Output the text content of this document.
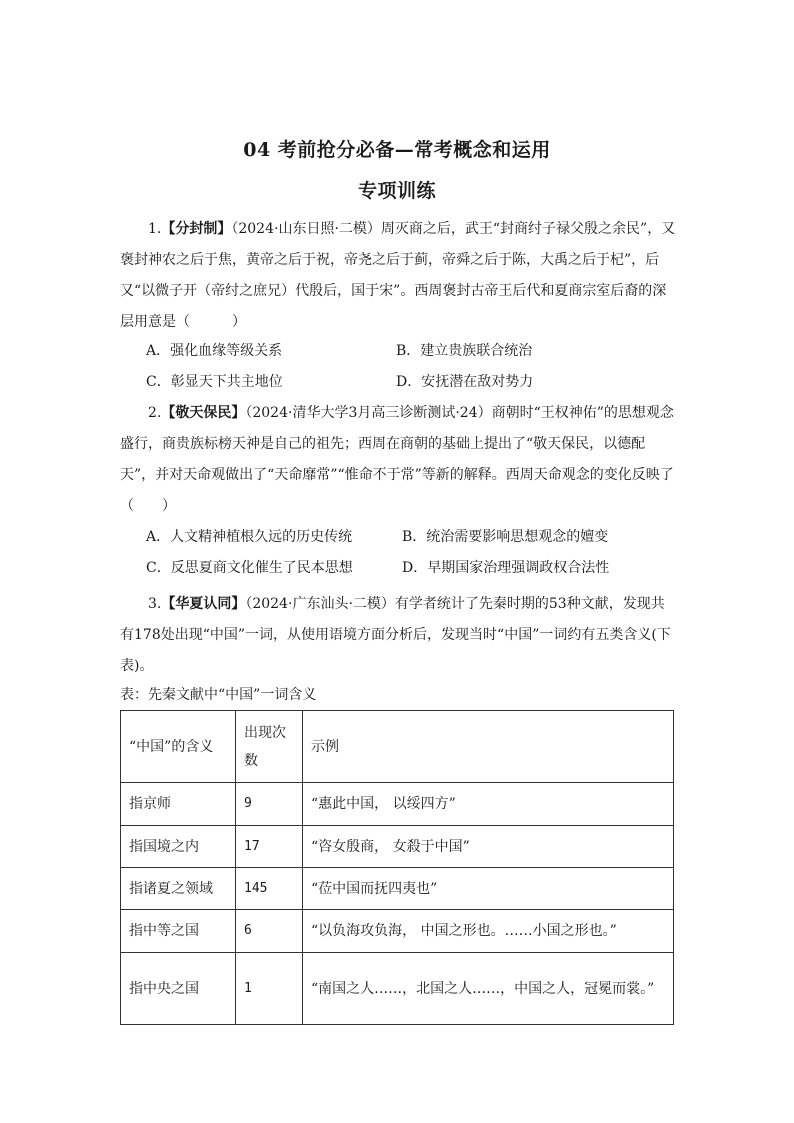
04 考前抢分必备—常考概念和运用
专项训练
1.【分封制】（2024·山东日照·二模）周灭商之后，武王“封商纣子禄父殷之余民”，又褒封神农之后于焦，黄帝之后于祝，帝尧之后于蓟，帝舜之后于陈，大禹之后于杞”，后又“以微子开（帝纣之庶兄）代殷后，国于宋”。西周褒封古帝王后代和夏商宗室后裔的深层用意是（　　　）
A．强化血缘等级关系	B．建立贵族联合统治
C．彰显天下共主地位	D．安抚潜在敌对势力
2.【敬天保民】（2024·清华大学3月高三诊断测试·24）商朝时“王权神佑”的思想观念盛行，商贵族标榜天神是自己的祖先；西周在商朝的基础上提出了“敬天保民，以德配天”，并对天命观做出了“天命靡常”“惟命不于常”等新的解释。西周天命观念的变化反映了（　　）
A．人文精神植根久远的历史传统	B．统治需要影响思想观念的嬗变
C．反思夏商文化催生了民本思想	D．早期国家治理强调政权合法性
3.【华夏认同】（2024·广东汕头·二模）有学者统计了先秦时期的53种文献，发现共有178处出现“中国”一词，从使用语境方面分析后，发现当时“中国”一词约有五类含义(下表)。
表：先秦文献中“中国”一词含义
“中国”的含义	出现次数	示例
指京师	9	“惠此中国， 以绥四方”
指国境之内	17	“咨女殷商， 女殺于中国”
指诸夏之领域	145	“莅中国而抚四夷也”
指中等之国	6	“以负海攻负海， 中国之形也。……小国之形也。”
指中央之国	1	“南国之人……，北国之人……，中国之人，冠冕而裳。”
